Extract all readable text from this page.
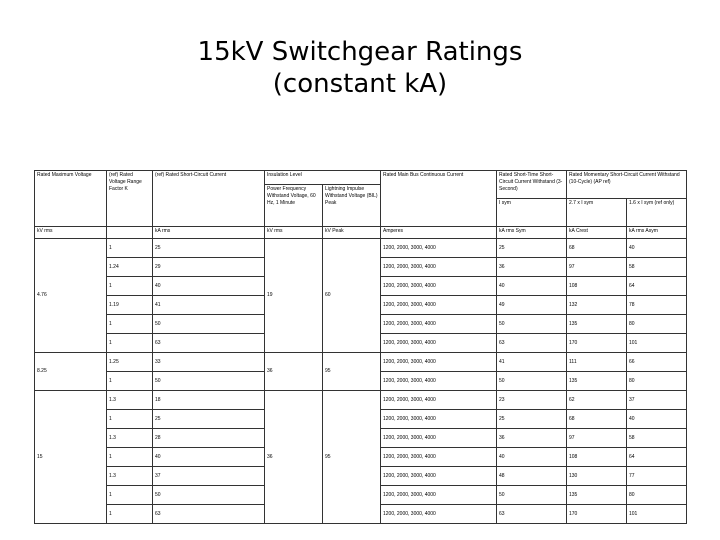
15kV Switchgear Ratings
(constant kA)
Rated Maximum Voltage	(ref) Rated Voltage Range Factor K	(ref) Rated Short-Circuit Current	Insulation Level		Rated Main Bus Continuous Current	Rated Short-Time Short-Circuit Current Withstand (3-Second)	Rated Momentary Short-Circuit Current Withstand (10-Cycle) (AP ref)	
			Power Frequency Withstand Voltage, 60 Hz, 1 Minute	Lightning Impulse Withstand Voltage (BIL) Peak				
						I sym	2.7 x I sym	1.6 x I sym (ref only)
kV rms		kA rms	kV rms	kV Peak	Amperes	kA rms Sym	kA Crest	kA rms Asym
4.76	1	25	19	60	1200, 2000, 3000, 4000	25	68	40
	1.24	29			1200, 2000, 3000, 4000	36	97	58
	1	40			1200, 2000, 3000, 4000	40	108	64
	1.19	41			1200, 2000, 3000, 4000	49	132	78
	1	50			1200, 2000, 3000, 4000	50	135	80
	1	63			1200, 2000, 3000, 4000	63	170	101
8.25	1.25	33	36	95	1200, 2000, 3000, 4000	41	111	66
	1	50			1200, 2000, 3000, 4000	50	135	80
15	1.3	18	36	95	1200, 2000, 3000, 4000	23	62	37
	1	25			1200, 2000, 3000, 4000	25	68	40
	1.3	28			1200, 2000, 3000, 4000	36	97	58
	1	40			1200, 2000, 3000, 4000	40	108	64
	1.3	37			1200, 2000, 3000, 4000	48	130	77
	1	50			1200, 2000, 3000, 4000	50	135	80
	1	63			1200, 2000, 3000, 4000	63	170	101
